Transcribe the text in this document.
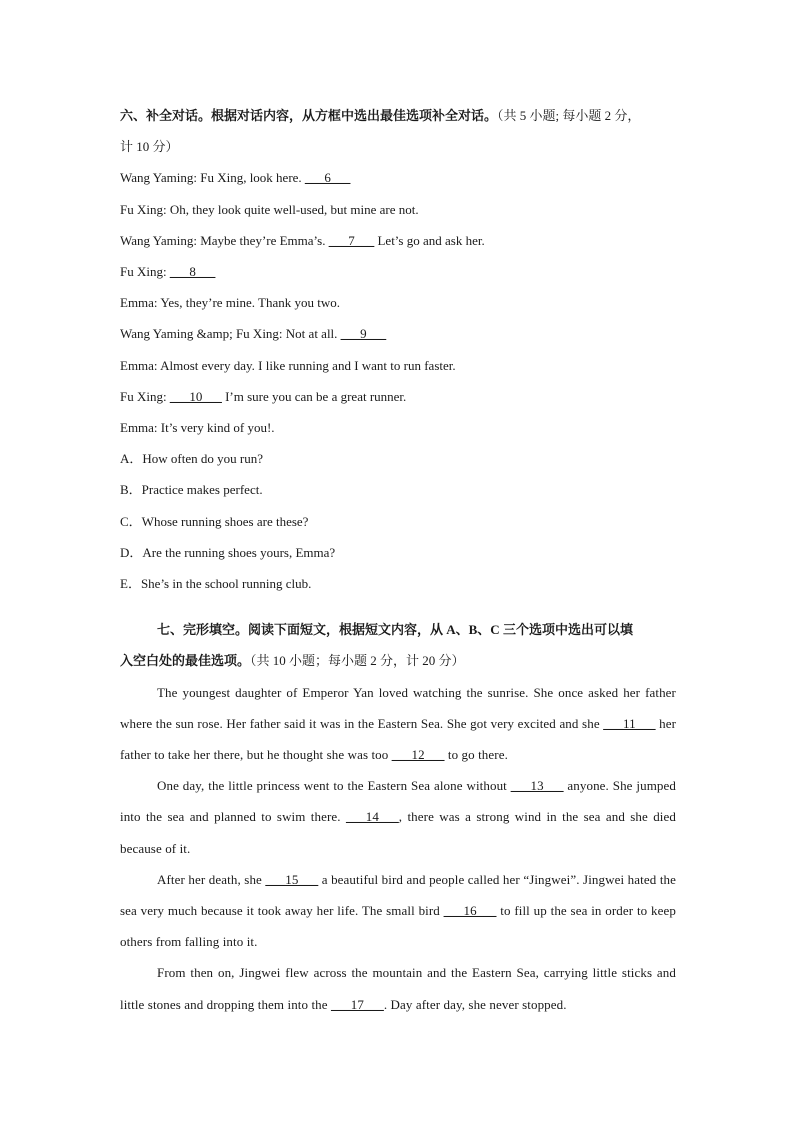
六、补全对话。根据对话内容，从方框中选出最佳选项补全对话。（共 5 小题; 每小题 2 分，
计 10 分）
Wang Yaming: Fu Xing, look here. ___6___
Fu Xing: Oh, they look quite well-used, but mine are not.
Wang Yaming: Maybe they’re Emma’s. ___7___ Let’s go and ask her.
Fu Xing: ___8___
Emma: Yes, they’re mine. Thank you two.
Wang Yaming &amp; Fu Xing: Not at all. ___9___
Emma: Almost every day. I like running and I want to run faster.
Fu Xing: ___10___ I’m sure you can be a great runner.
Emma: It’s very kind of you!.
A．How often do you run?
B．Practice makes perfect.
C．Whose running shoes are these?
D．Are the running shoes yours, Emma?
E．She’s in the school running club.
七、完形填空。阅读下面短文，根据短文内容，从 A、B、C 三个选项中选出可以填
入空白处的最佳选项。（共 10 小题；每小题 2 分，计 20 分）
The youngest daughter of Emperor Yan loved watching the sunrise. She once asked her father where the sun rose. Her father said it was in the Eastern Sea. She got very excited and she ___11___ her father to take her there, but he thought she was too ___12___ to go there.
One day, the little princess went to the Eastern Sea alone without ___13___ anyone. She jumped into the sea and planned to swim there. ___14___, there was a strong wind in the sea and she died because of it.
After her death, she ___15___ a beautiful bird and people called her “Jingwei”. Jingwei hated the sea very much because it took away her life. The small bird ___16___ to fill up the sea in order to keep others from falling into it.
From then on, Jingwei flew across the mountain and the Eastern Sea, carrying little sticks and little stones and dropping them into the ___17___. Day after day, she never stopped.
